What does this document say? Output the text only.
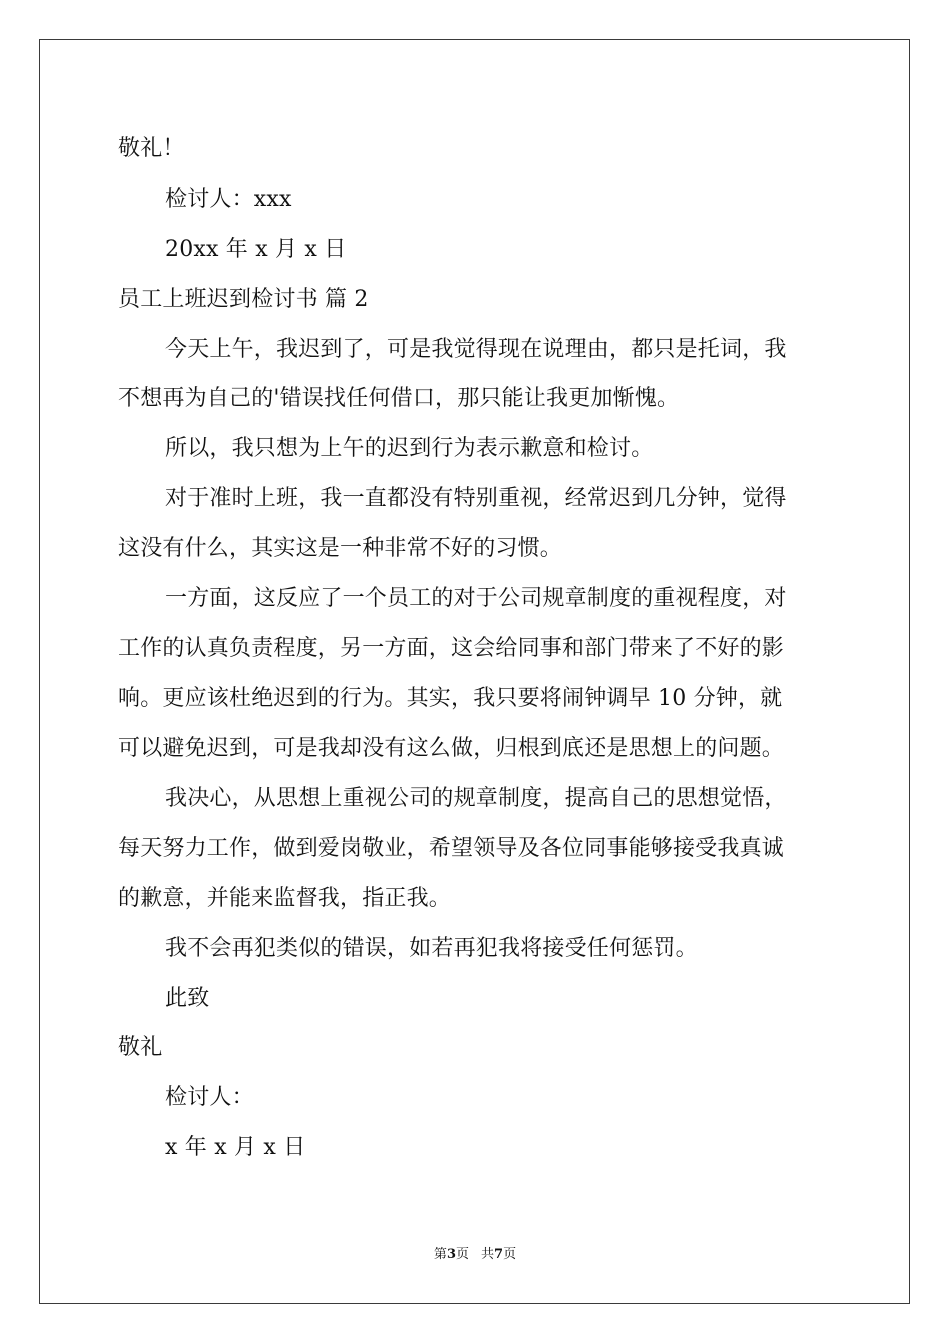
敬礼！
检讨人：xxx
20xx 年 x 月 x 日
员工上班迟到检讨书 篇 2
今天上午，我迟到了，可是我觉得现在说理由，都只是托词，我
不想再为自己的'错误找任何借口，那只能让我更加惭愧。
所以，我只想为上午的迟到行为表示歉意和检讨。
对于准时上班，我一直都没有特别重视，经常迟到几分钟，觉得
这没有什么，其实这是一种非常不好的习惯。
一方面，这反应了一个员工的对于公司规章制度的重视程度，对
工作的认真负责程度，另一方面，这会给同事和部门带来了不好的影
响。更应该杜绝迟到的行为。其实，我只要将闹钟调早 10 分钟，就
可以避免迟到，可是我却没有这么做，归根到底还是思想上的问题。
我决心，从思想上重视公司的规章制度，提高自己的思想觉悟，
每天努力工作，做到爱岗敬业，希望领导及各位同事能够接受我真诚
的歉意，并能来监督我，指正我。
我不会再犯类似的错误，如若再犯我将接受任何惩罚。
此致
敬礼
检讨人：
x 年 x 月 x 日
第3页 共7页
